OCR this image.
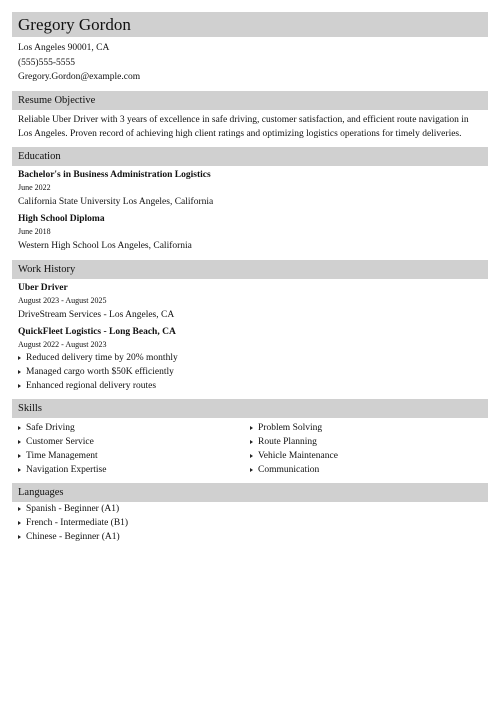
Gregory Gordon
Los Angeles 90001, CA
(555)555-5555
Gregory.Gordon@example.com
Resume Objective
Reliable Uber Driver with 3 years of excellence in safe driving, customer satisfaction, and efficient route navigation in Los Angeles. Proven record of achieving high client ratings and optimizing logistics operations for timely deliveries.
Education
Bachelor's in Business Administration Logistics
June 2022
California State University Los Angeles, California
High School Diploma
June 2018
Western High School Los Angeles, California
Work History
Uber Driver
August 2023 - August 2025
DriveStream Services - Los Angeles, CA
QuickFleet Logistics - Long Beach, CA
August 2022 - August 2023
Reduced delivery time by 20% monthly
Managed cargo worth $50K efficiently
Enhanced regional delivery routes
Skills
Safe Driving
Customer Service
Time Management
Navigation Expertise
Problem Solving
Route Planning
Vehicle Maintenance
Communication
Languages
Spanish - Beginner (A1)
French - Intermediate (B1)
Chinese - Beginner (A1)
